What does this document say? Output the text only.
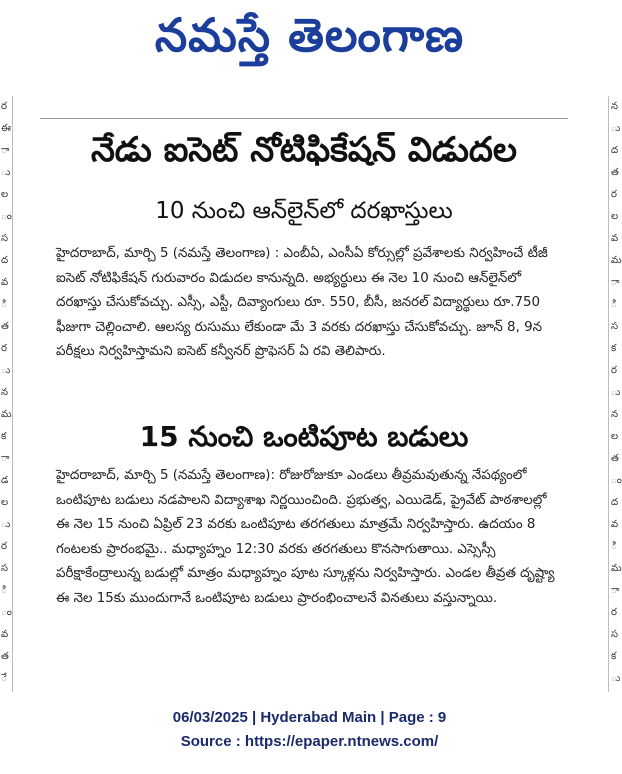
నమస్తే తెలంగాణ
ర
ఈ
ా
ు
ల
ం
స
ద
వ
ి
త
ర
ు
న
మ
క
ా
డ
ల
ు
ర
స
ి
ం
వ
త
ే
న
ు
ద
త
ర
ల
వ
మ
ా
ి
స
క
ర
ు
న
ల
త
ం
ద
వ
ి
మ
ా
ర
స
క
ు
నేడు ఐసెట్ నోటిఫికేషన్ విడుదల
10 నుంచి ఆన్‌లైన్‌లో దరఖాస్తులు
హైదరాబాద్, మార్చి 5 (నమస్తే తెలంగాణ) : ఎంబీఏ, ఎంసీఏ కోర్సుల్లో ప్రవేశాలకు నిర్వహించే టీజీ ఐసెట్ నోటిఫికేషన్ గురువారం విడుదల కానున్నది. అభ్యర్థులు ఈ నెల 10 నుంచి ఆన్‌లైన్‌లో దరఖాస్తు చేసుకోవచ్చు. ఎస్సీ, ఎస్టీ, దివ్యాంగులు రూ. 550, బీసీ, జనరల్ విద్యార్థులు రూ.750 ఫీజుగా చెల్లించాలి. ఆలస్య రుసుము లేకుండా మే 3 వరకు దరఖాస్తు చేసుకోవచ్చు. జూన్ 8, 9న పరీక్షలు నిర్వహిస్తామని ఐసెట్ కన్వీనర్ ప్రొఫెసర్ ఏ రవి తెలిపారు.
15 నుంచి ఒంటిపూట బడులు
హైదరాబాద్, మార్చి 5 (నమస్తే తెలంగాణ): రోజురోజుకూ ఎండలు తీవ్రమవుతున్న నేపథ్యంలో ఒంటిపూట బడులు నడపాలని విద్యాశాఖ నిర్ణయించింది. ప్రభుత్వ, ఎయిడెడ్, ప్రైవేట్ పాఠశాలల్లో ఈ నెల 15 నుంచి ఏప్రిల్ 23 వరకు ఒంటిపూట తరగతులు మాత్రమే నిర్వహిస్తారు. ఉదయం 8 గంటలకు ప్రారంభమై.. మధ్యాహ్నం 12:30 వరకు తరగతులు కొనసాగుతాయి. ఎస్సెస్సీ పరీక్షాకేంద్రాలున్న బడుల్లో మాత్రం మధ్యాహ్నం పూట స్కూళ్లను నిర్వహిస్తారు. ఎండల తీవ్రత దృష్ట్యా ఈ నెల 15కు ముందుగానే ఒంటిపూట బడులు ప్రారంభించాలనే వినతులు వస్తున్నాయి.
06/03/2025 | Hyderabad Main | Page : 9
Source : https://epaper.ntnews.com/
